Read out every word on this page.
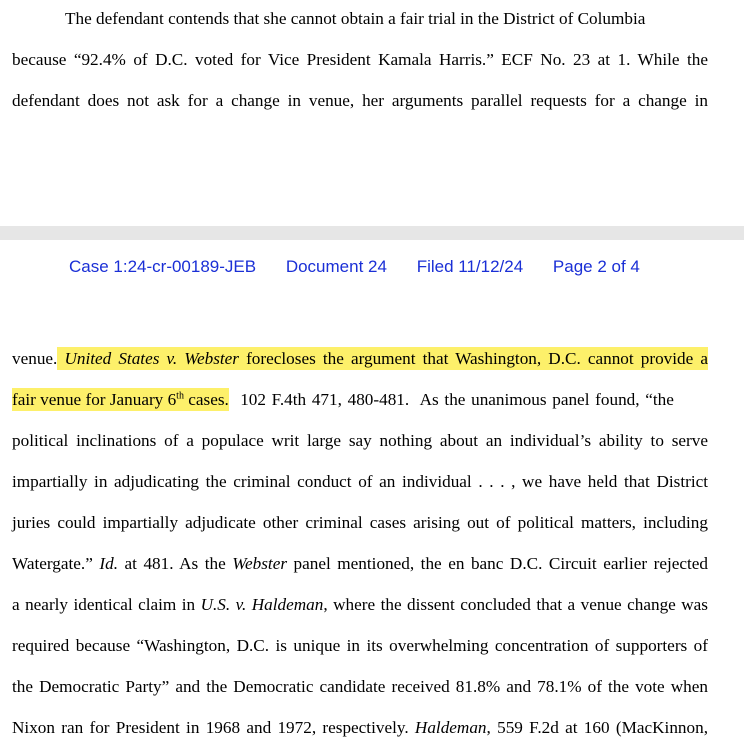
The defendant contends that she cannot obtain a fair trial in the District of Columbia
because “92.4% of D.C. voted for Vice President Kamala Harris.” ECF No. 23 at 1. While the
defendant does not ask for a change in venue, her arguments parallel requests for a change in
Case 1:24-cr-00189-JEB Document 24 Filed 11/12/24 Page 2 of 4
venue. United States v. Webster forecloses the argument that Washington, D.C. cannot provide a
fair venue for January 6th cases.  102 F.4th 471, 480-481.  As the unanimous panel found, “the
political inclinations of a populace writ large say nothing about an individual’s ability to serve
impartially in adjudicating the criminal conduct of an individual . . . , we have held that District
juries could impartially adjudicate other criminal cases arising out of political matters, including
Watergate.” Id. at 481. As the Webster panel mentioned, the en banc D.C. Circuit earlier rejected
a nearly identical claim in U.S. v. Haldeman, where the dissent concluded that a venue change was
required because “Washington, D.C. is unique in its overwhelming concentration of supporters of
the Democratic Party” and the Democratic candidate received 81.8% and 78.1% of the vote when
Nixon ran for President in 1968 and 1972, respectively. Haldeman, 559 F.2d at 160 (MacKinnon,
